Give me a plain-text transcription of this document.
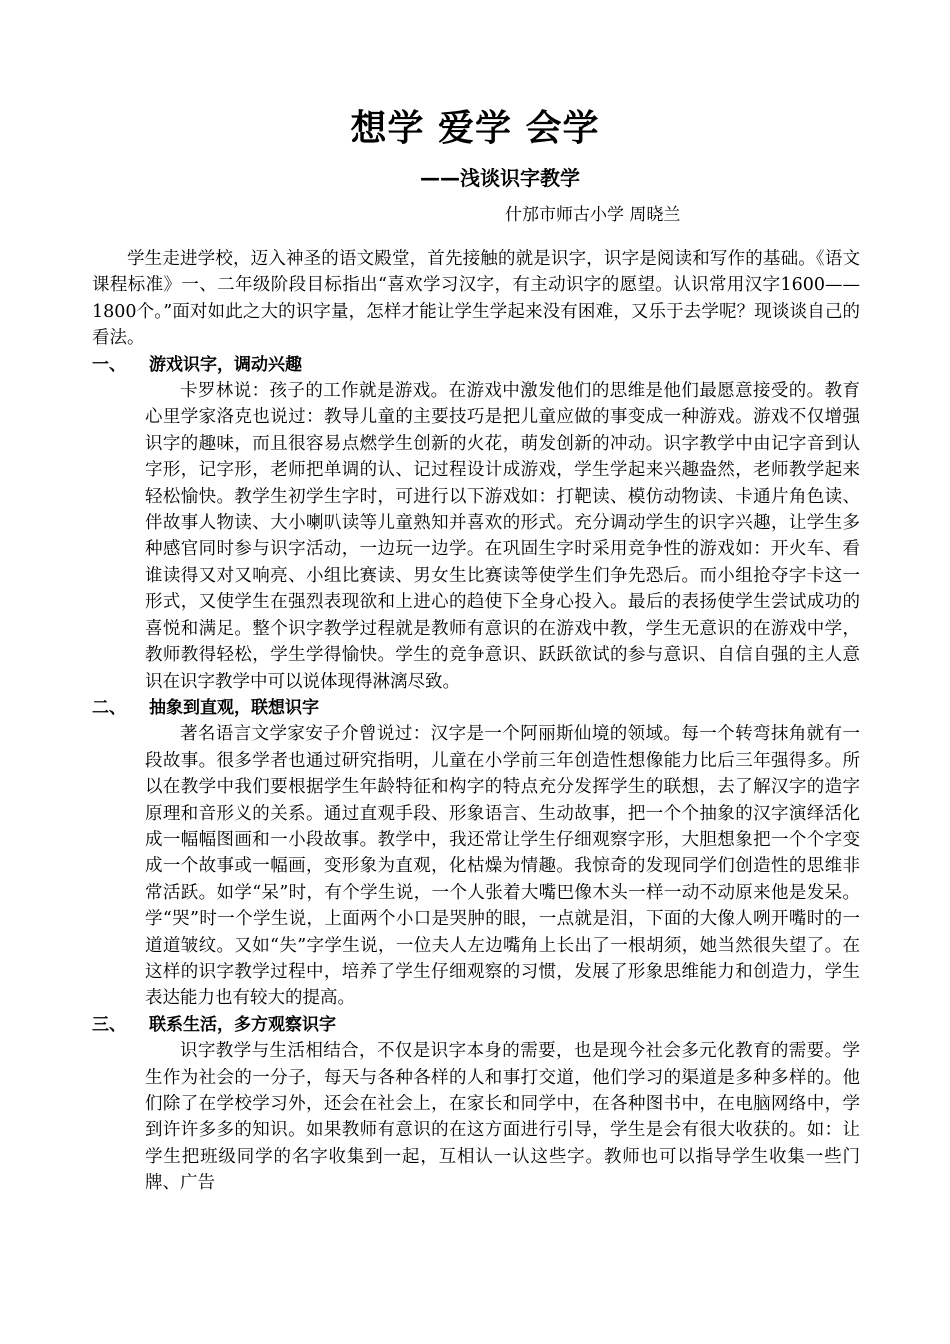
想学 爱学 会学

——浅谈识字教学

什邡市师古小学 周晓兰

学生走进学校，迈入神圣的语文殿堂，首先接触的就是识字，识字是阅读和写作的基础。《语文课程标准》一、二年级阶段目标指出“喜欢学习汉字，有主动识字的愿望。认识常用汉字1600——1800个。”面对如此之大的识字量，怎样才能让学生学起来没有困难，又乐于去学呢？现谈谈自己的看法。

一、 游戏识字，调动兴趣

卡罗林说：孩子的工作就是游戏。在游戏中激发他们的思维是他们最愿意接受的。教育心里学家洛克也说过：教导儿童的主要技巧是把儿童应做的事变成一种游戏。游戏不仅增强识字的趣味，而且很容易点燃学生创新的火花，萌发创新的冲动。识字教学中由记字音到认字形，记字形，老师把单调的认、记过程设计成游戏，学生学起来兴趣盎然，老师教学起来轻松愉快。教学生初学生字时，可进行以下游戏如：打靶读、模仿动物读、卡通片角色读、伴故事人物读、大小喇叭读等儿童熟知并喜欢的形式。充分调动学生的识字兴趣，让学生多种感官同时参与识字活动，一边玩一边学。在巩固生字时采用竞争性的游戏如：开火车、看谁读得又对又响亮、小组比赛读、男女生比赛读等使学生们争先恐后。而小组抢夺字卡这一形式，又使学生在强烈表现欲和上进心的趋使下全身心投入。最后的表扬使学生尝试成功的喜悦和满足。整个识字教学过程就是教师有意识的在游戏中教，学生无意识的在游戏中学，教师教得轻松，学生学得愉快。学生的竞争意识、跃跃欲试的参与意识、自信自强的主人意识在识字教学中可以说体现得淋漓尽致。

二、 抽象到直观，联想识字

著名语言文学家安子介曾说过：汉字是一个阿丽斯仙境的领域。每一个转弯抹角就有一段故事。很多学者也通过研究指明，儿童在小学前三年创造性想像能力比后三年强得多。所以在教学中我们要根据学生年龄特征和构字的特点充分发挥学生的联想，去了解汉字的造字原理和音形义的关系。通过直观手段、形象语言、生动故事，把一个个抽象的汉字演绎活化成一幅幅图画和一小段故事。教学中，我还常让学生仔细观察字形，大胆想象把一个个字变成一个故事或一幅画，变形象为直观，化枯燥为情趣。我惊奇的发现同学们创造性的思维非常活跃。如学“呆”时，有个学生说，一个人张着大嘴巴像木头一样一动不动原来他是发呆。学“哭”时一个学生说，上面两个小口是哭肿的眼，一点就是泪，下面的大像人咧开嘴时的一道道皱纹。又如“失”字学生说，一位夫人左边嘴角上长出了一根胡须，她当然很失望了。在这样的识字教学过程中，培养了学生仔细观察的习惯，发展了形象思维能力和创造力，学生表达能力也有较大的提高。

三、 联系生活，多方观察识字

识字教学与生活相结合，不仅是识字本身的需要，也是现今社会多元化教育的需要。学生作为社会的一分子，每天与各种各样的人和事打交道，他们学习的渠道是多种多样的。他们除了在学校学习外，还会在社会上，在家长和同学中，在各种图书中，在电脑网络中，学到许许多多的知识。如果教师有意识的在这方面进行引导，学生是会有很大收获的。如：让学生把班级同学的名字收集到一起，互相认一认这些字。教师也可以指导学生收集一些门牌、广告
